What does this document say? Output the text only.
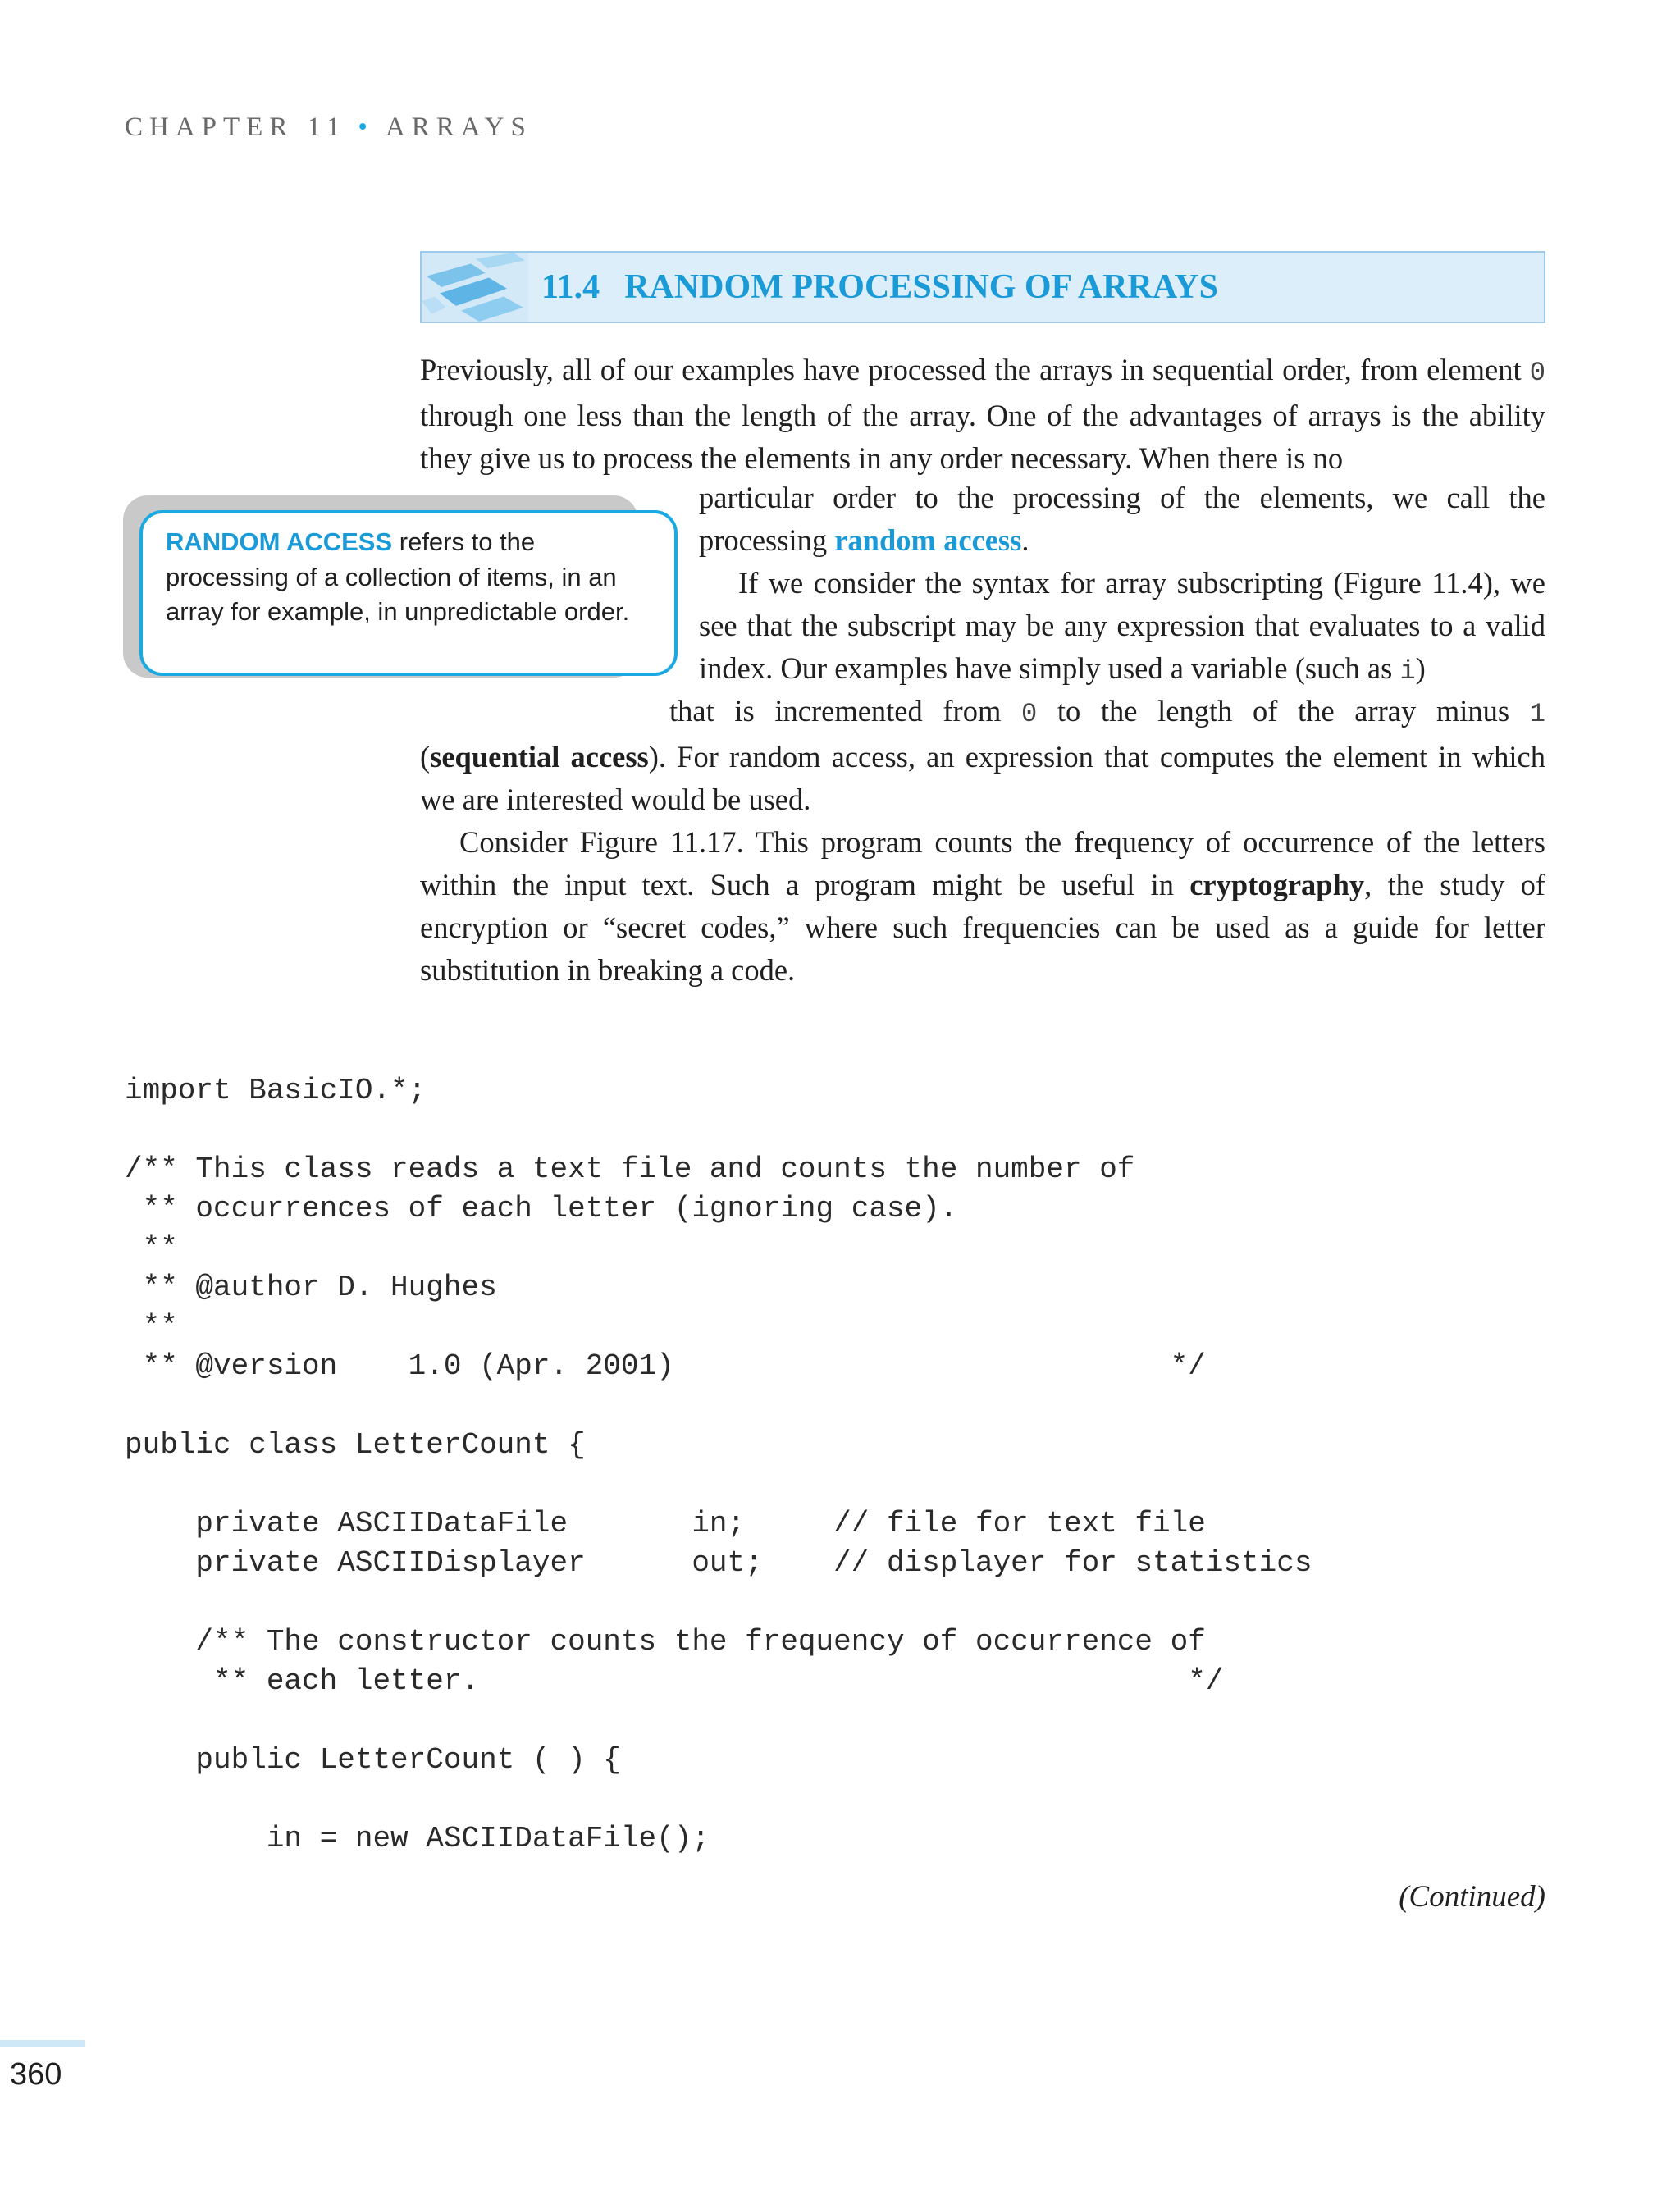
CHAPTER 11 • ARRAYS
11.4 RANDOM PROCESSING OF ARRAYS

Previously, all of our examples have processed the arrays in sequential order, from element 0 through one less than the length of the array. One of the advantages of arrays is the ability they give us to process the elements in any order necessary. When there is no

particular order to the processing of the elements, we call the processing random access.

If we consider the syntax for array subscripting (Figure 11.4), we see that the subscript may be any expression that evaluates to a valid index. Our examples have simply used a variable (such as i)

that is incremented from 0 to the length of the array minus 1

(sequential access). For random access, an expression that computes the element in which we are interested would be used.

Consider Figure 11.17. This program counts the frequency of occurrence of the letters within the input text. Such a program might be useful in cryptography, the study of encryption or “secret codes,” where such frequencies can be used as a guide for letter substitution in breaking a code.

RANDOM ACCESS refers to the processing of a collection of items, in an array for example, in unpredictable order.
import BasicIO.*;

/** This class reads a text file and counts the number of
** occurrences of each letter (ignoring case).
**
** @author D. Hughes
**
** @version    1.0 (Apr. 2001)                            */

public class LetterCount {

private ASCIIDataFile       in;     // file for text file
private ASCIIDisplayer      out;    // displayer for statistics

/** The constructor counts the frequency of occurrence of
** each letter.                                        */

public LetterCount ( ) {

in = new ASCIIDataFile();
(Continued)
360
